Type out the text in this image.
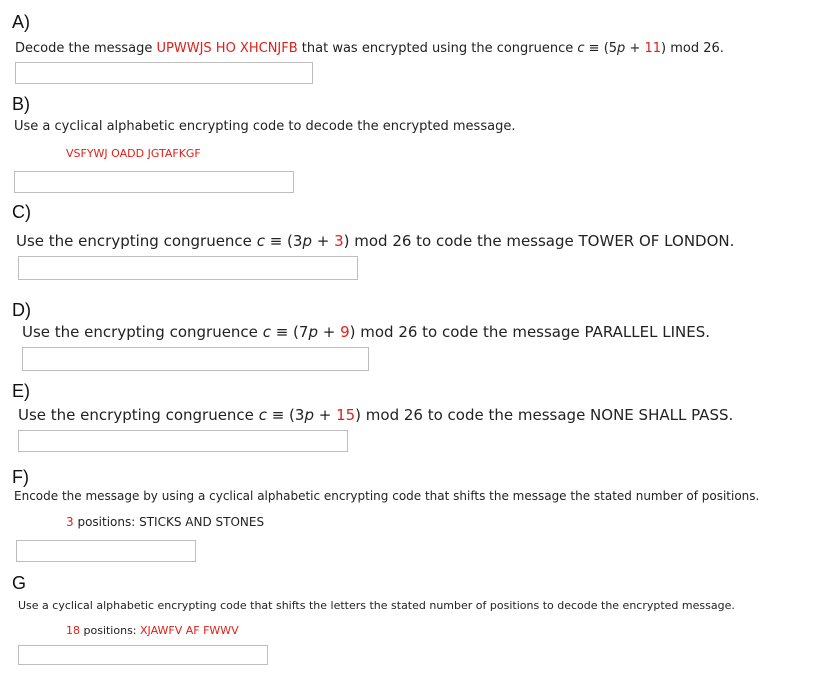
A)
Decode the message UPWWJS HO XHCNJFB that was encrypted using the congruence c ≡ (5p + 11) mod 26.
B)
Use a cyclical alphabetic encrypting code to decode the encrypted message.
VSFYWJ OADD JGTAFKGF
C)
Use the encrypting congruence c ≡ (3p + 3) mod 26 to code the message TOWER OF LONDON.
D)
Use the encrypting congruence c ≡ (7p + 9) mod 26 to code the message PARALLEL LINES.
E)
Use the encrypting congruence c ≡ (3p + 15) mod 26 to code the message NONE SHALL PASS.
F)
Encode the message by using a cyclical alphabetic encrypting code that shifts the message the stated number of positions.
3 positions: STICKS AND STONES
G
Use a cyclical alphabetic encrypting code that shifts the letters the stated number of positions to decode the encrypted message.
18 positions: XJAWFV AF FWWV
